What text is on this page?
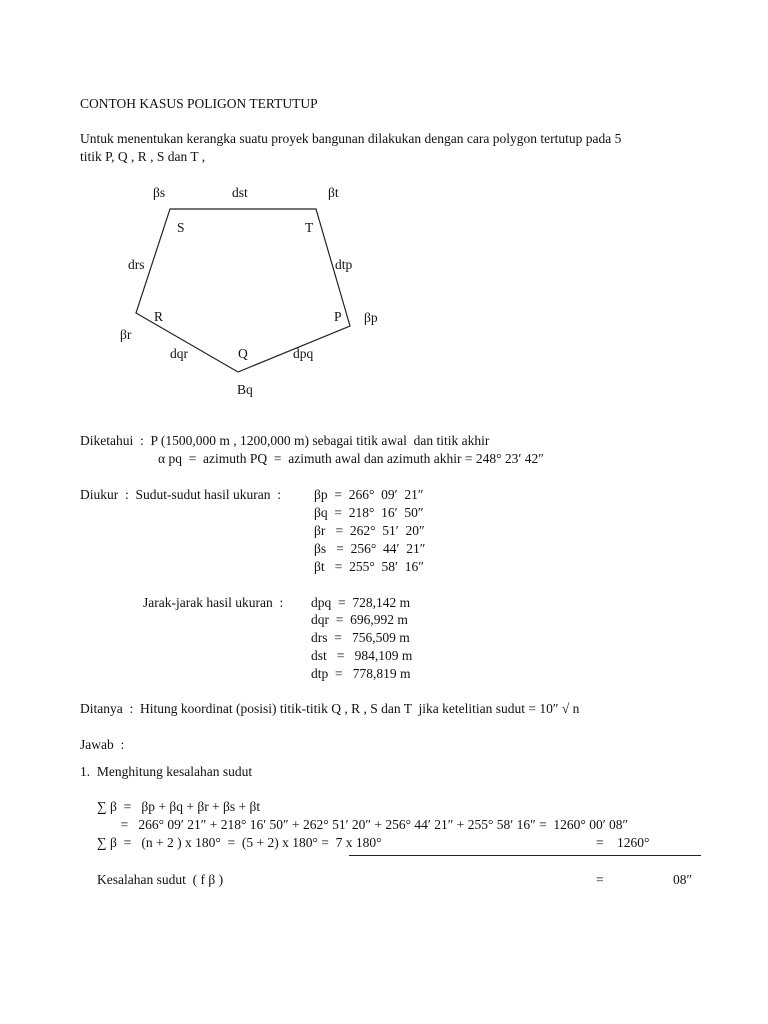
CONTOH KASUS POLIGON TERTUTUP
Untuk menentukan kerangka suatu proyek bangunan dilakukan dengan cara polygon tertutup pada 5
titik P, Q , R , S dan T ,
βs	dst	βt
S	T
drs	dtp
R	P βp
βr
dqr	Q	dpq
Bq
Diketahui  :  P (1500,000 m , 1200,000 m) sebagai titik awal  dan titik akhir
α pq  =  azimuth PQ  =  azimuth awal dan azimuth akhir = 248° 23′ 42″
Diukur  :  Sudut-sudut hasil ukuran  : βp  =  266°  09′  21″
βq  =  218°  16′  50″
βr   =  262°  51′  20″
βs   =  256°  44′  21″
βt   =  255°  58′  16″
Jarak-jarak hasil ukuran  : dpq  =  728,142 m
dqr  =  696,992 m
drs  =   756,509 m
dst   =   984,109 m
dtp  =   778,819 m
Ditanya  :  Hitung koordinat (posisi) titik-titik Q , R , S dan T  jika ketelitian sudut = 10″ √ n
Jawab  :
1.  Menghitung kesalahan sudut
∑ β  =   βp + βq + βr + βs + βt
=   266° 09′ 21″ + 218° 16′ 50″ + 262° 51′ 20″ + 256° 44′ 21″ + 255° 58′ 16″ =  1260° 00′ 08″
∑ β  =   (n + 2 ) x 180°  =  (5 + 2) x 180° =  7 x 180°	= 1260°
Kesalahan sudut  ( f β )	=	08″
